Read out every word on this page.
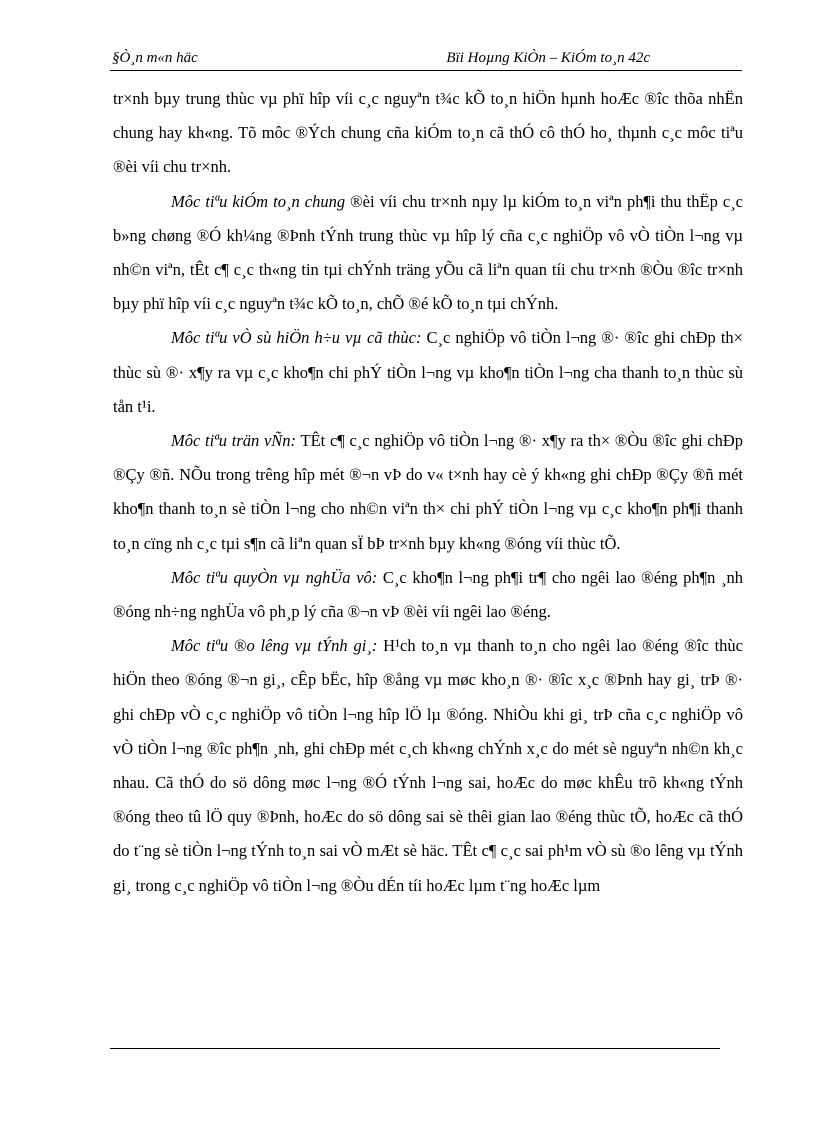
§Ò¸n m«n häc	Bïi Hoµng KiÒn – KiÓm to¸n 42c

tr×nh bµy trung thùc vµ phï hîp víi c¸c nguyªn t¾c kÕ to¸n hiÖn hµnh hoÆc ®îc thõa nhËn chung hay kh«ng. Tõ môc ®Ých chung cña kiÓm to¸n cã thÓ cô thÓ ho¸ thµnh c¸c môc tiªu ®èi víi chu tr×nh.

Môc tiªu kiÓm to¸n chung ®èi víi chu tr×nh nµy lµ kiÓm to¸n viªn ph¶i thu thËp c¸c b»ng chøng ®Ó kh¼ng ®Þnh tÝnh trung thùc vµ hîp lý cña c¸c nghiÖp vô vÒ tiÒn l¬ng vµ nh©n viªn, tÊt c¶ c¸c th«ng tin tµi chÝnh träng yÕu cã liªn quan tíi chu tr×nh ®Òu ®îc tr×nh bµy phï hîp víi c¸c nguyªn t¾c kÕ to¸n, chÕ ®é kÕ to¸n tµi chÝnh.

Môc tiªu vÒ sù hiÖn h÷u vµ cã thùc: C¸c nghiÖp vô tiÒn l¬ng ®· ®îc ghi chÐp th× thùc sù ®· x¶y ra vµ c¸c kho¶n chi phÝ tiÒn l¬ng vµ kho¶n tiÒn l¬ng cha thanh to¸n thùc sù tån t¹i.

Môc tiªu trän vÑn: TÊt c¶ c¸c nghiÖp vô tiÒn l¬ng ®· x¶y ra th× ®Òu ®îc ghi chÐp ®Çy ®ñ. NÕu trong trêng hîp mét ®¬n vÞ do v« t×nh hay cè ý kh«ng ghi chÐp ®Çy ®ñ mét kho¶n thanh to¸n sè tiÒn l¬ng cho nh©n viªn th× chi phÝ tiÒn l¬ng vµ c¸c kho¶n ph¶i thanh to¸n cïng nh c¸c tµi s¶n cã liªn quan sÏ bÞ tr×nh bµy kh«ng ®óng víi thùc tÕ.

Môc tiªu quyÒn vµ nghÜa vô: C¸c kho¶n l¬ng ph¶i tr¶ cho ngêi lao ®éng ph¶n ¸nh ®óng nh÷ng nghÜa vô ph¸p lý cña ®¬n vÞ ®èi víi ngêi lao ®éng.

Môc tiªu ®o lêng vµ tÝnh gi¸: H¹ch to¸n vµ thanh to¸n cho ngêi lao ®éng ®îc thùc hiÖn theo ®óng ®¬n gi¸, cÊp bËc, hîp ®ång vµ møc kho¸n ®· ®îc x¸c ®Þnh hay gi¸ trÞ ®· ghi chÐp vÒ c¸c nghiÖp vô tiÒn l¬ng hîp lÖ lµ ®óng. NhiÒu khi gi¸ trÞ cña c¸c nghiÖp vô vÒ tiÒn l¬ng ®îc ph¶n ¸nh, ghi chÐp mét c¸ch kh«ng chÝnh x¸c do mét sè nguyªn nh©n kh¸c nhau. Cã thÓ do sö dông møc l¬ng ®Ó tÝnh l¬ng sai, hoÆc do møc khÊu trõ kh«ng tÝnh ®óng theo tû lÖ quy ®Þnh, hoÆc do sö dông sai sè thêi gian lao ®éng thùc tÕ, hoÆc cã thÓ do t¨ng sè tiÒn l¬ng tÝnh to¸n sai vÒ mÆt sè häc. TÊt c¶ c¸c sai ph¹m vÒ sù ®o lêng vµ tÝnh gi¸ trong c¸c nghiÖp vô tiÒn l¬ng ®Òu dÉn tíi hoÆc lµm t¨ng hoÆc lµm
